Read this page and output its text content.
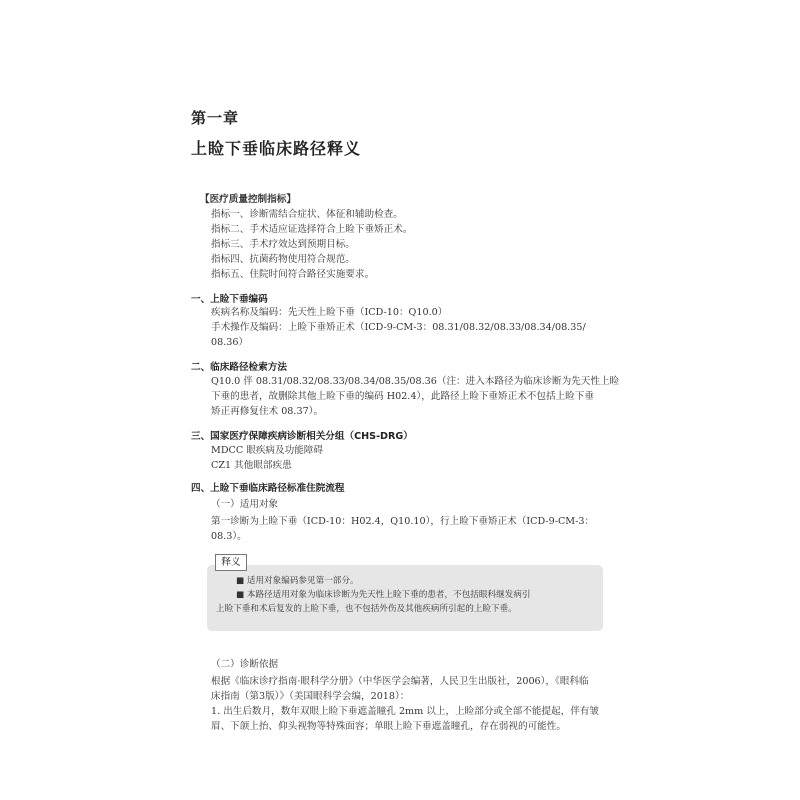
第一章
上睑下垂临床路径释义
【医疗质量控制指标】
指标一、诊断需结合症状、体征和辅助检查。
指标二、手术适应证选择符合上睑下垂矫正术。
指标三、手术疗效达到预期目标。
指标四、抗菌药物使用符合规范。
指标五、住院时间符合路径实施要求。
一、上睑下垂编码
疾病名称及编码：先天性上睑下垂（ICD-10：Q10.0）
手术操作及编码：上睑下垂矫正术（ICD-9-CM-3：08.31/08.32/08.33/08.34/08.35/
08.36）
二、临床路径检索方法
Q10.0 伴 08.31/08.32/08.33/08.34/08.35/08.36（注：进入本路径为临床诊断为先天性上睑
下垂的患者，故删除其他上睑下垂的编码 H02.4），此路径上睑下垂矫正术不包括上睑下垂
矫正再修复住术 08.37）。
三、国家医疗保障疾病诊断相关分组（CHS-DRG）
MDCC 眼疾病及功能障碍
CZ1 其他眼部疾患
四、上睑下垂临床路径标准住院流程
（一）适用对象
第一诊断为上睑下垂（ICD-10：H02.4，Q10.10），行上睑下垂矫正术（ICD-9-CM-3：
08.3）。
释义
■ 适用对象编码参见第一部分。
■ 本路径适用对象为临床诊断为先天性上睑下垂的患者，不包括眼科继发病引
上睑下垂和术后复发的上睑下垂，也不包括外伤及其他疾病所引起的上睑下垂。
（二）诊断依据
根据《临床诊疗指南·眼科学分册》（中华医学会编著，人民卫生出版社，2006），《眼科临
床指南（第3版）》（美国眼科学会编，2018）：
1. 出生后数月，数年双眼上睑下垂遮盖瞳孔 2mm 以上，上睑部分或全部不能提起，伴有皱
眉、下颌上抬、仰头视物等特殊面容；单眼上睑下垂遮盖瞳孔，存在弱视的可能性。
